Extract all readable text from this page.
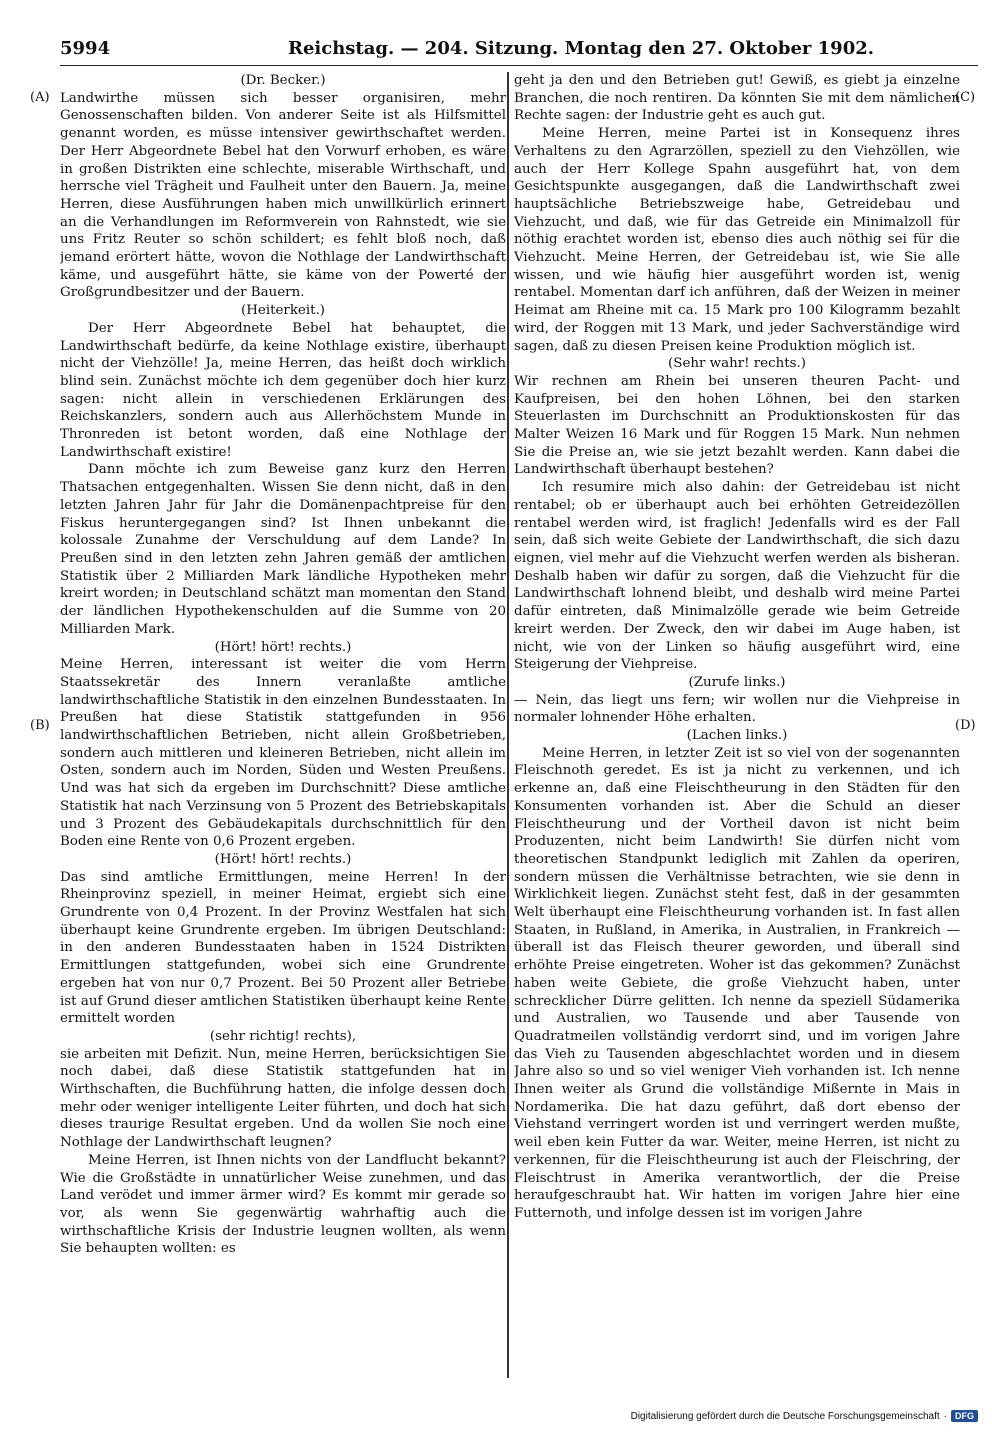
5994	Reichstag. — 204. Sitzung. Montag den 27. Oktober 1902.
(A)
(B)
(C)
(D)

(Dr. Becker.)

Landwirthe müssen sich besser organisiren, mehr Genossenschaften bilden. Von anderer Seite ist als Hilfsmittel genannt worden, es müsse intensiver gewirthschaftet werden. Der Herr Abgeordnete Bebel hat den Vorwurf erhoben, es wäre in großen Distrikten eine schlechte, miserable Wirthschaft, und herrsche viel Trägheit und Faulheit unter den Bauern. Ja, meine Herren, diese Ausführungen haben mich unwillkürlich erinnert an die Verhandlungen im Reformverein von Rahnstedt, wie sie uns Fritz Reuter so schön schildert; es fehlt bloß noch, daß jemand erörtert hätte, wovon die Nothlage der Landwirthschaft käme, und ausgeführt hätte, sie käme von der Powerté der Großgrundbesitzer und der Bauern.

(Heiterkeit.)

Der Herr Abgeordnete Bebel hat behauptet, die Landwirthschaft bedürfe, da keine Nothlage existire, überhaupt nicht der Viehzölle! Ja, meine Herren, das heißt doch wirklich blind sein. Zunächst möchte ich dem gegenüber doch hier kurz sagen: nicht allein in verschiedenen Erklärungen des Reichskanzlers, sondern auch aus Allerhöchstem Munde in Thronreden ist betont worden, daß eine Nothlage der Landwirthschaft existire!

Dann möchte ich zum Beweise ganz kurz den Herren Thatsachen entgegenhalten. Wissen Sie denn nicht, daß in den letzten Jahren Jahr für Jahr die Domänenpachtpreise für den Fiskus heruntergegangen sind? Ist Ihnen unbekannt die kolossale Zunahme der Verschuldung auf dem Lande? In Preußen sind in den letzten zehn Jahren gemäß der amtlichen Statistik über 2 Milliarden Mark ländliche Hypotheken mehr kreirt worden; in Deutschland schätzt man momentan den Stand der ländlichen Hypothekenschulden auf die Summe von 20 Milliarden Mark.

(Hört! hört! rechts.)

Meine Herren, interessant ist weiter die vom Herrn Staatssekretär des Innern veranlaßte amtliche landwirthschaftliche Statistik in den einzelnen Bundesstaaten. In Preußen hat diese Statistik stattgefunden in 956 landwirthschaftlichen Betrieben, nicht allein Großbetrieben, sondern auch mittleren und kleineren Betrieben, nicht allein im Osten, sondern auch im Norden, Süden und Westen Preußens. Und was hat sich da ergeben im Durchschnitt? Diese amtliche Statistik hat nach Verzinsung von 5 Prozent des Betriebskapitals und 3 Prozent des Gebäudekapitals durchschnittlich für den Boden eine Rente von 0,6 Prozent ergeben.

(Hört! hört! rechts.)

Das sind amtliche Ermittlungen, meine Herren! In der Rheinprovinz speziell, in meiner Heimat, ergiebt sich eine Grundrente von 0,4 Prozent. In der Provinz Westfalen hat sich überhaupt keine Grundrente ergeben. Im übrigen Deutschland: in den anderen Bundesstaaten haben in 1524 Distrikten Ermittlungen stattgefunden, wobei sich eine Grundrente ergeben hat von nur 0,7 Prozent. Bei 50 Prozent aller Betriebe ist auf Grund dieser amtlichen Statistiken überhaupt keine Rente ermittelt worden

(sehr richtig! rechts),

sie arbeiten mit Defizit. Nun, meine Herren, berücksichtigen Sie noch dabei, daß diese Statistik stattgefunden hat in Wirthschaften, die Buchführung hatten, die infolge dessen doch mehr oder weniger intelligente Leiter führten, und doch hat sich dieses traurige Resultat ergeben. Und da wollen Sie noch eine Nothlage der Landwirthschaft leugnen?

Meine Herren, ist Ihnen nichts von der Landflucht bekannt? Wie die Großstädte in unnatürlicher Weise zunehmen, und das Land verödet und immer ärmer wird? Es kommt mir gerade so vor, als wenn Sie gegenwärtig wahrhaftig auch die wirthschaftliche Krisis der Industrie leugnen wollten, als wenn Sie behaupten wollten: es

geht ja den und den Betrieben gut! Gewiß, es giebt ja einzelne Branchen, die noch rentiren. Da könnten Sie mit dem nämlichen Rechte sagen: der Industrie geht es auch gut.

Meine Herren, meine Partei ist in Konsequenz ihres Verhaltens zu den Agrarzöllen, speziell zu den Viehzöllen, wie auch der Herr Kollege Spahn ausgeführt hat, von dem Gesichtspunkte ausgegangen, daß die Landwirthschaft zwei hauptsächliche Betriebszweige habe, Getreidebau und Viehzucht, und daß, wie für das Getreide ein Minimalzoll für nöthig erachtet worden ist, ebenso dies auch nöthig sei für die Viehzucht. Meine Herren, der Getreidebau ist, wie Sie alle wissen, und wie häufig hier ausgeführt worden ist, wenig rentabel. Momentan darf ich anführen, daß der Weizen in meiner Heimat am Rheine mit ca. 15 Mark pro 100 Kilogramm bezahlt wird, der Roggen mit 13 Mark, und jeder Sachverständige wird sagen, daß zu diesen Preisen keine Produktion möglich ist.

(Sehr wahr! rechts.)

Wir rechnen am Rhein bei unseren theuren Pacht- und Kaufpreisen, bei den hohen Löhnen, bei den starken Steuerlasten im Durchschnitt an Produktionskosten für das Malter Weizen 16 Mark und für Roggen 15 Mark. Nun nehmen Sie die Preise an, wie sie jetzt bezahlt werden. Kann dabei die Landwirthschaft überhaupt bestehen?

Ich resumire mich also dahin: der Getreidebau ist nicht rentabel; ob er überhaupt auch bei erhöhten Getreidezöllen rentabel werden wird, ist fraglich! Jedenfalls wird es der Fall sein, daß sich weite Gebiete der Landwirthschaft, die sich dazu eignen, viel mehr auf die Viehzucht werfen werden als bisheran. Deshalb haben wir dafür zu sorgen, daß die Viehzucht für die Landwirthschaft lohnend bleibt, und deshalb wird meine Partei dafür eintreten, daß Minimalzölle gerade wie beim Getreide kreirt werden. Der Zweck, den wir dabei im Auge haben, ist nicht, wie von der Linken so häufig ausgeführt wird, eine Steigerung der Viehpreise.

(Zurufe links.)

— Nein, das liegt uns fern; wir wollen nur die Viehpreise in normaler lohnender Höhe erhalten.

(Lachen links.)

Meine Herren, in letzter Zeit ist so viel von der sogenannten Fleischnoth geredet. Es ist ja nicht zu verkennen, und ich erkenne an, daß eine Fleischtheurung in den Städten für den Konsumenten vorhanden ist. Aber die Schuld an dieser Fleischtheurung und der Vortheil davon ist nicht beim Produzenten, nicht beim Landwirth! Sie dürfen nicht vom theoretischen Standpunkt lediglich mit Zahlen da operiren, sondern müssen die Verhältnisse betrachten, wie sie denn in Wirklichkeit liegen. Zunächst steht fest, daß in der gesammten Welt überhaupt eine Fleischtheurung vorhanden ist. In fast allen Staaten, in Rußland, in Amerika, in Australien, in Frankreich — überall ist das Fleisch theurer geworden, und überall sind erhöhte Preise eingetreten. Woher ist das gekommen? Zunächst haben weite Gebiete, die große Viehzucht haben, unter schrecklicher Dürre gelitten. Ich nenne da speziell Südamerika und Australien, wo Tausende und aber Tausende von Quadratmeilen vollständig verdorrt sind, und im vorigen Jahre das Vieh zu Tausenden abgeschlachtet worden und in diesem Jahre also so und so viel weniger Vieh vorhanden ist. Ich nenne Ihnen weiter als Grund die vollständige Mißernte in Mais in Nordamerika. Die hat dazu geführt, daß dort ebenso der Viehstand verringert worden ist und verringert werden mußte, weil eben kein Futter da war. Weiter, meine Herren, ist nicht zu verkennen, für die Fleischtheurung ist auch der Fleischring, der Fleischtrust in Amerika verantwortlich, der die Preise heraufgeschraubt hat. Wir hatten im vorigen Jahre hier eine Futternoth, und infolge dessen ist im vorigen Jahre

Digitalisierung gefördert durch die Deutsche Forschungsgemeinschaft · DFG
